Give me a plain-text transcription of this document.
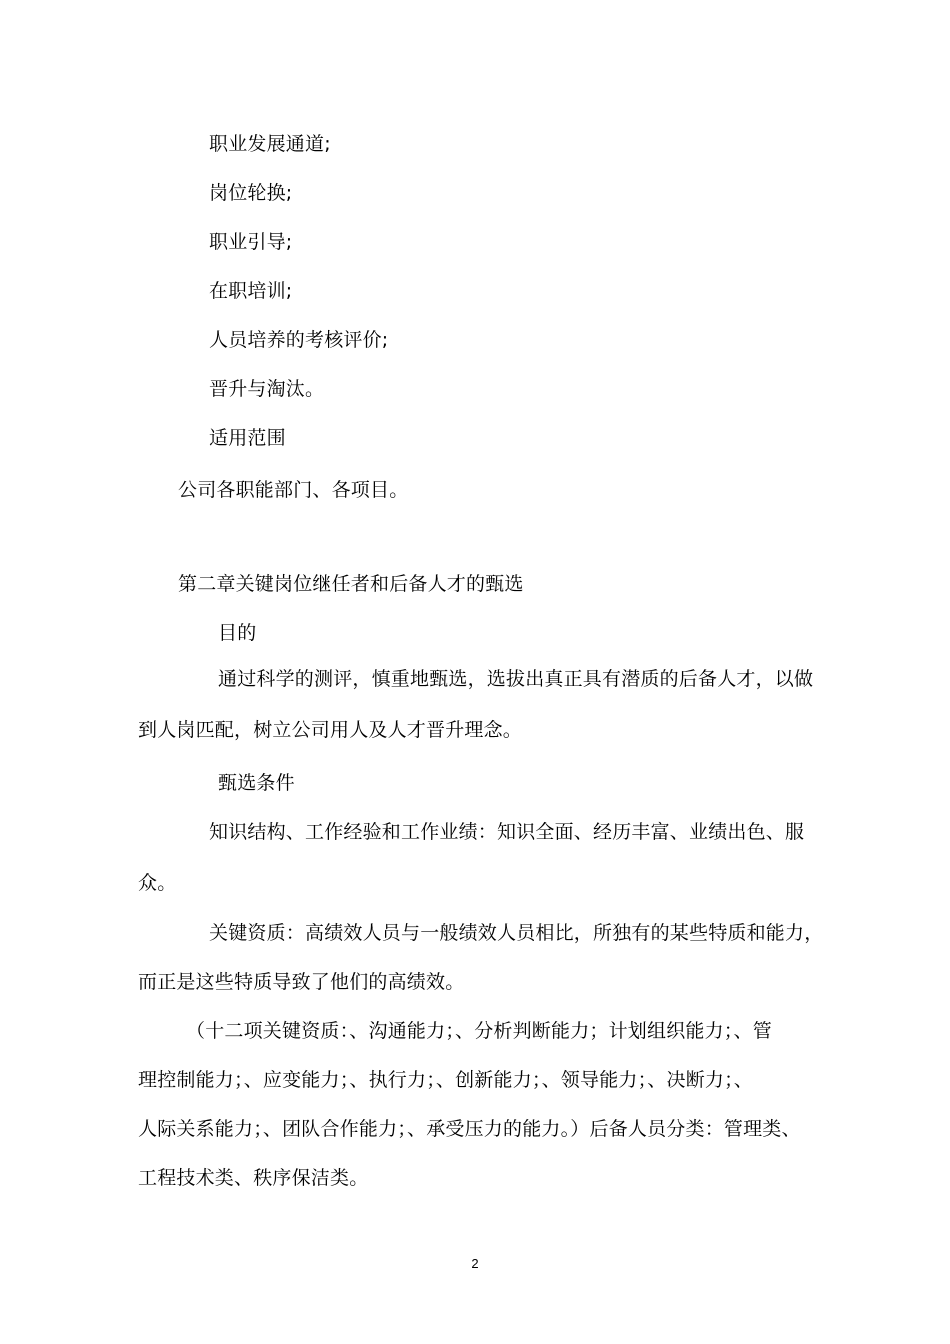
职业发展通道;
岗位轮换;
职业引导;
在职培训;
人员培养的考核评价;
晋升与淘汰。
适用范围
公司各职能部门、各项目。
第二章关键岗位继任者和后备人才的甄选
目的
通过科学的测评，慎重地甄选，选拔出真正具有潜质的后备人才，以做
到人岗匹配，树立公司用人及人才晋升理念。
甄选条件
知识结构、工作经验和工作业绩：知识全面、经历丰富、业绩出色、服
众。
关键资质：高绩效人员与一般绩效人员相比，所独有的某些特质和能力，
而正是这些特质导致了他们的高绩效。
（十二项关键资质：、沟通能力；、分析判断能力；计划组织能力；、管
理控制能力；、应变能力；、执行力；、创新能力；、领导能力；、决断力；、
人际关系能力；、团队合作能力；、承受压力的能力。）后备人员分类：管理类、
工程技术类、秩序保洁类。
2
